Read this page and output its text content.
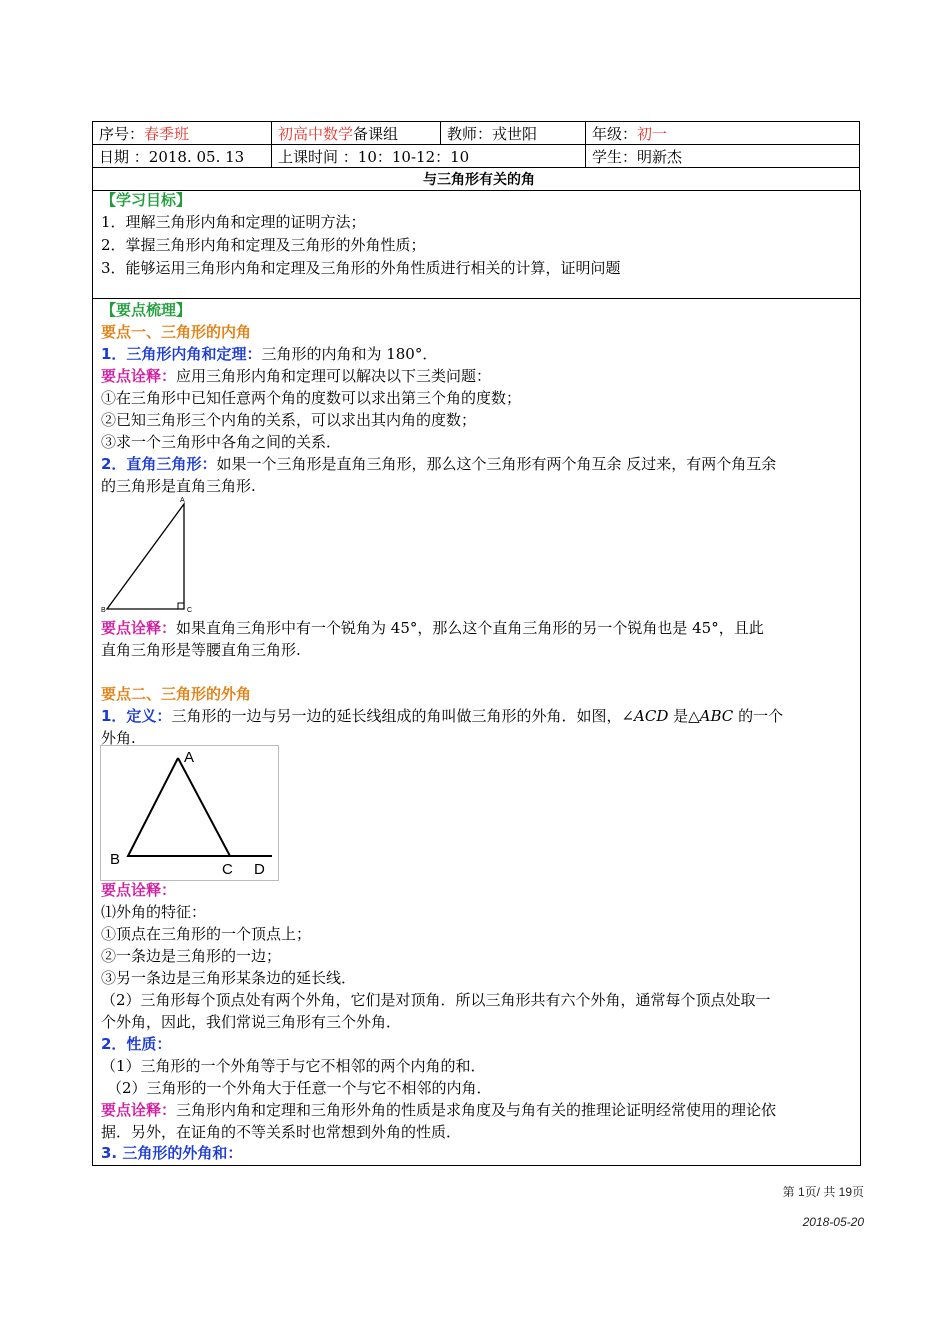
序号：春季班	初高中数学备课组	教师：戎世阳	年级：初一
日期 ：2018. 05. 13	上课时间 ：10：10-12：10		学生：明新杰
与三角形有关的角			
【学习目标】
1．理解三角形内角和定理的证明方法；
2．掌握三角形内角和定理及三角形的外角性质；
3．能够运用三角形内角和定理及三角形的外角性质进行相关的计算，证明问题
【要点梳理】
要点一、三角形的内角
1．三角形内角和定理：三角形的内角和为 180°．
要点诠释：应用三角形内角和定理可以解决以下三类问题：
①在三角形中已知任意两个角的度数可以求出第三个角的度数；
②已知三角形三个内角的关系，可以求出其内角的度数；
③求一个三角形中各角之间的关系．
2．直角三角形：如果一个三角形是直角三角形，那么这个三角形有两个角互余 反过来，有两个角互余
的三角形是直角三角形.
A
B	C
要点诠释：如果直角三角形中有一个锐角为 45°，那么这个直角三角形的另一个锐角也是 45°，且此
直角三角形是等腰直角三角形.
要点二、三角形的外角
1．定义：三角形的一边与另一边的延长线组成的角叫做三角形的外角．如图，∠ACD 是△ABC 的一个
外角.
A
B
C D
要点诠释：
⑴外角的特征：
①顶点在三角形的一个顶点上；
②一条边是三角形的一边；
③另一条边是三角形某条边的延长线．
（2）三角形每个顶点处有两个外角，它们是对顶角．所以三角形共有六个外角，通常每个顶点处取一
个外角，因此，我们常说三角形有三个外角．
2．性质：
（1）三角形的一个外角等于与它不相邻的两个内角的和．
（2）三角形的一个外角大于任意一个与它不相邻的内角．
要点诠释：三角形内角和定理和三角形外角的性质是求角度及与角有关的推理论证明经常使用的理论依
据．另外，在证角的不等关系时也常想到外角的性质．
3. 三角形的外角和：
第 1页/ 共 19页
2018-05-20
